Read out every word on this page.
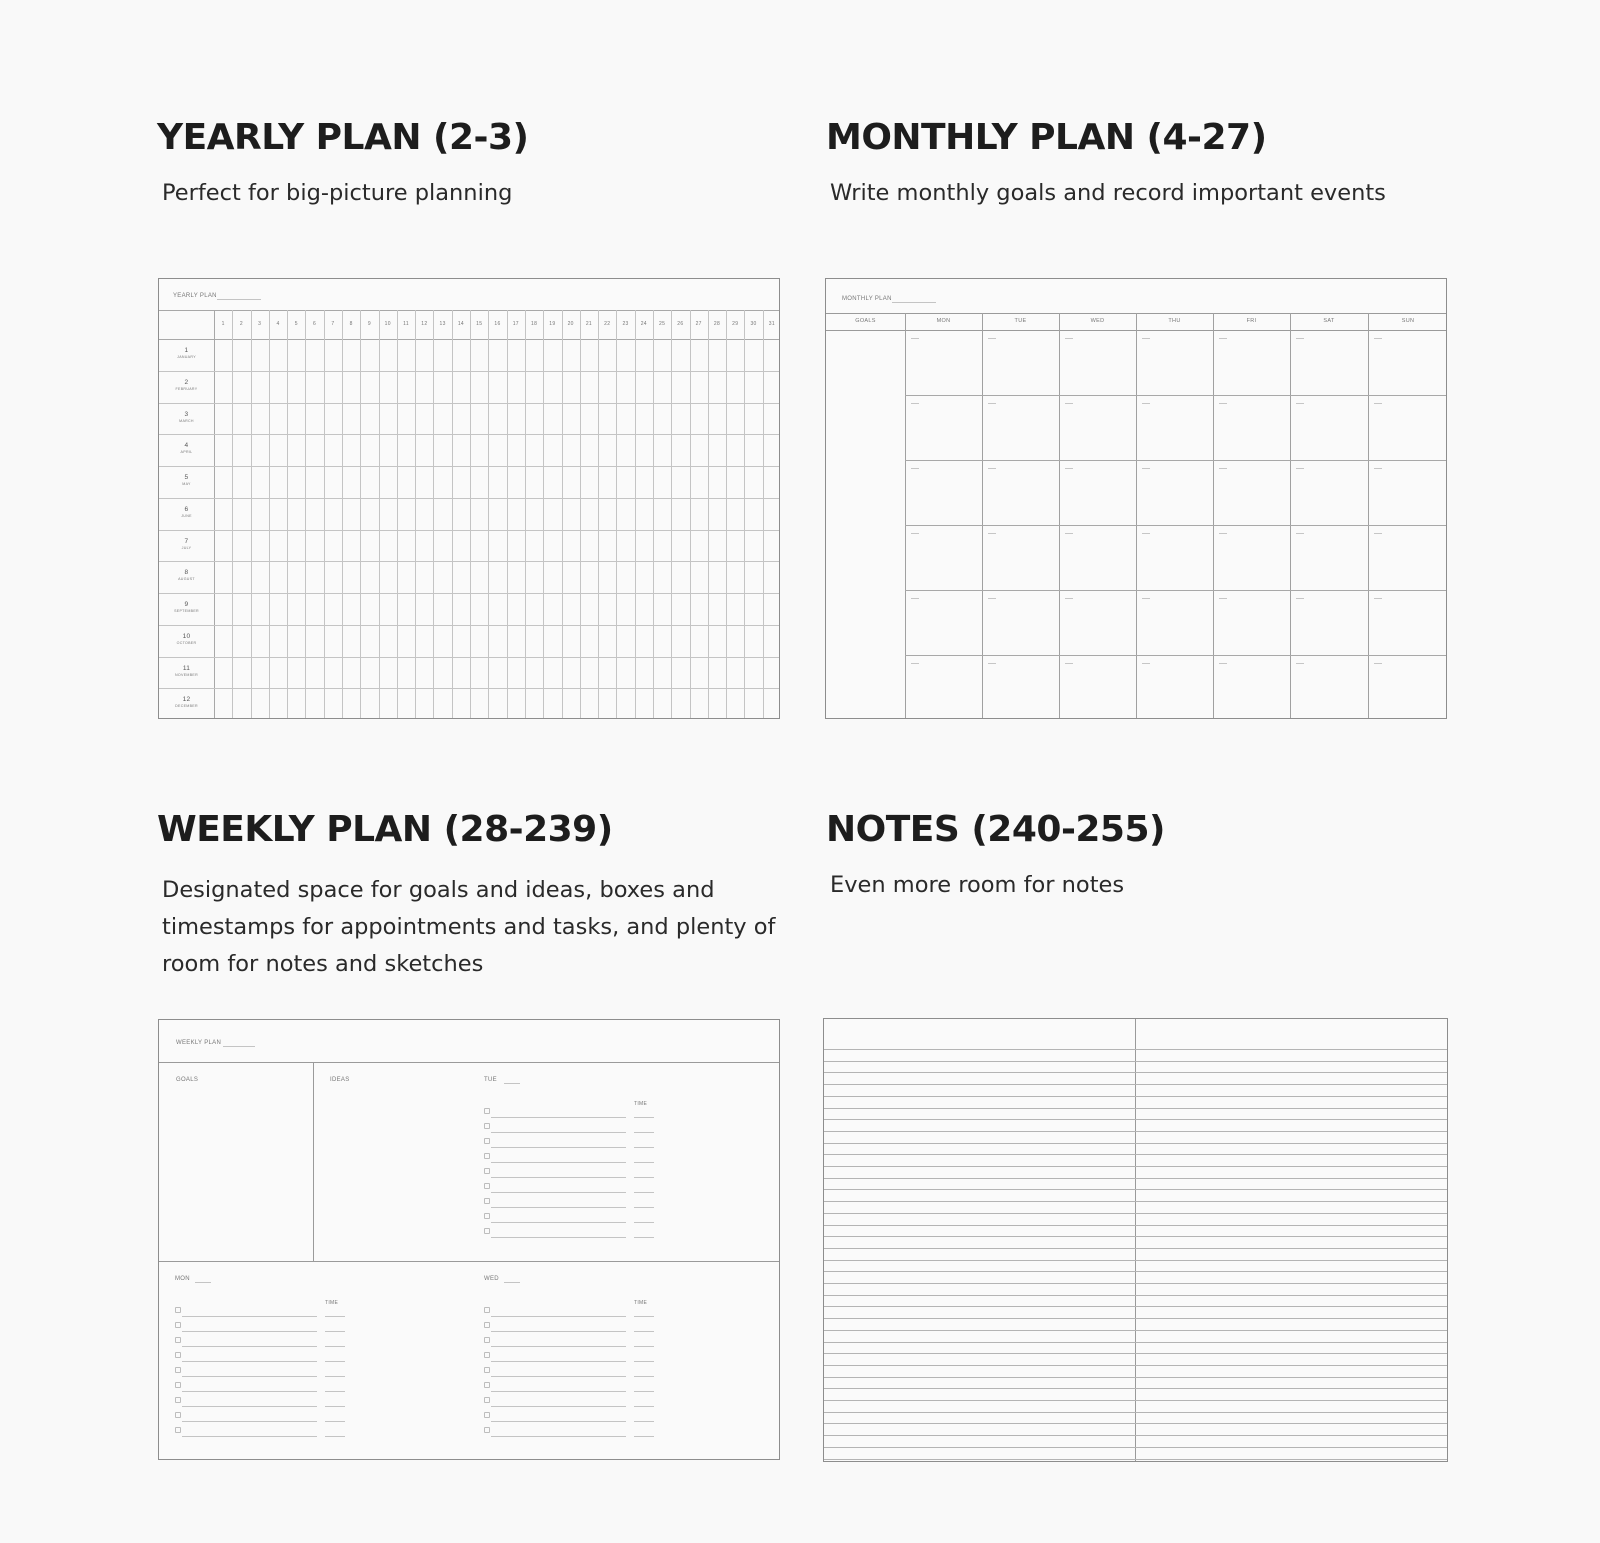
YEARLY PLAN (2-3)

Perfect for big-picture planning

MONTHLY PLAN (4-27)

Write monthly goals and record important events

WEEKLY PLAN (28-239)

Designated space for goals and ideas, boxes and timestamps for appointments and tasks, and plenty of room for notes and sketches

NOTES (240-255)

Even more room for notes

YEARLY PLAN
1	2	3	4	5	6	7	8	9	10 11 12 13 14 15 16 17 18 19 20 21 22 23 24 25 26 27 28 29 30 31
1
JANUARY
2
FEBRUARY
3
MARCH
4
APRIL
5
MAY
6
JUNE
7
JULY
8
AUGUST
9
SEPTEMBER
10
OCTOBER
11
NOVEMBER
12
DECEMBER
MONTHLY PLAN
GOALS	MON	TUE	WED	THU	FRI	SAT	SUN
WEEKLY PLAN
GOALS	IDEAS	TUE
TIME
MON
TIME
WED
TIME
